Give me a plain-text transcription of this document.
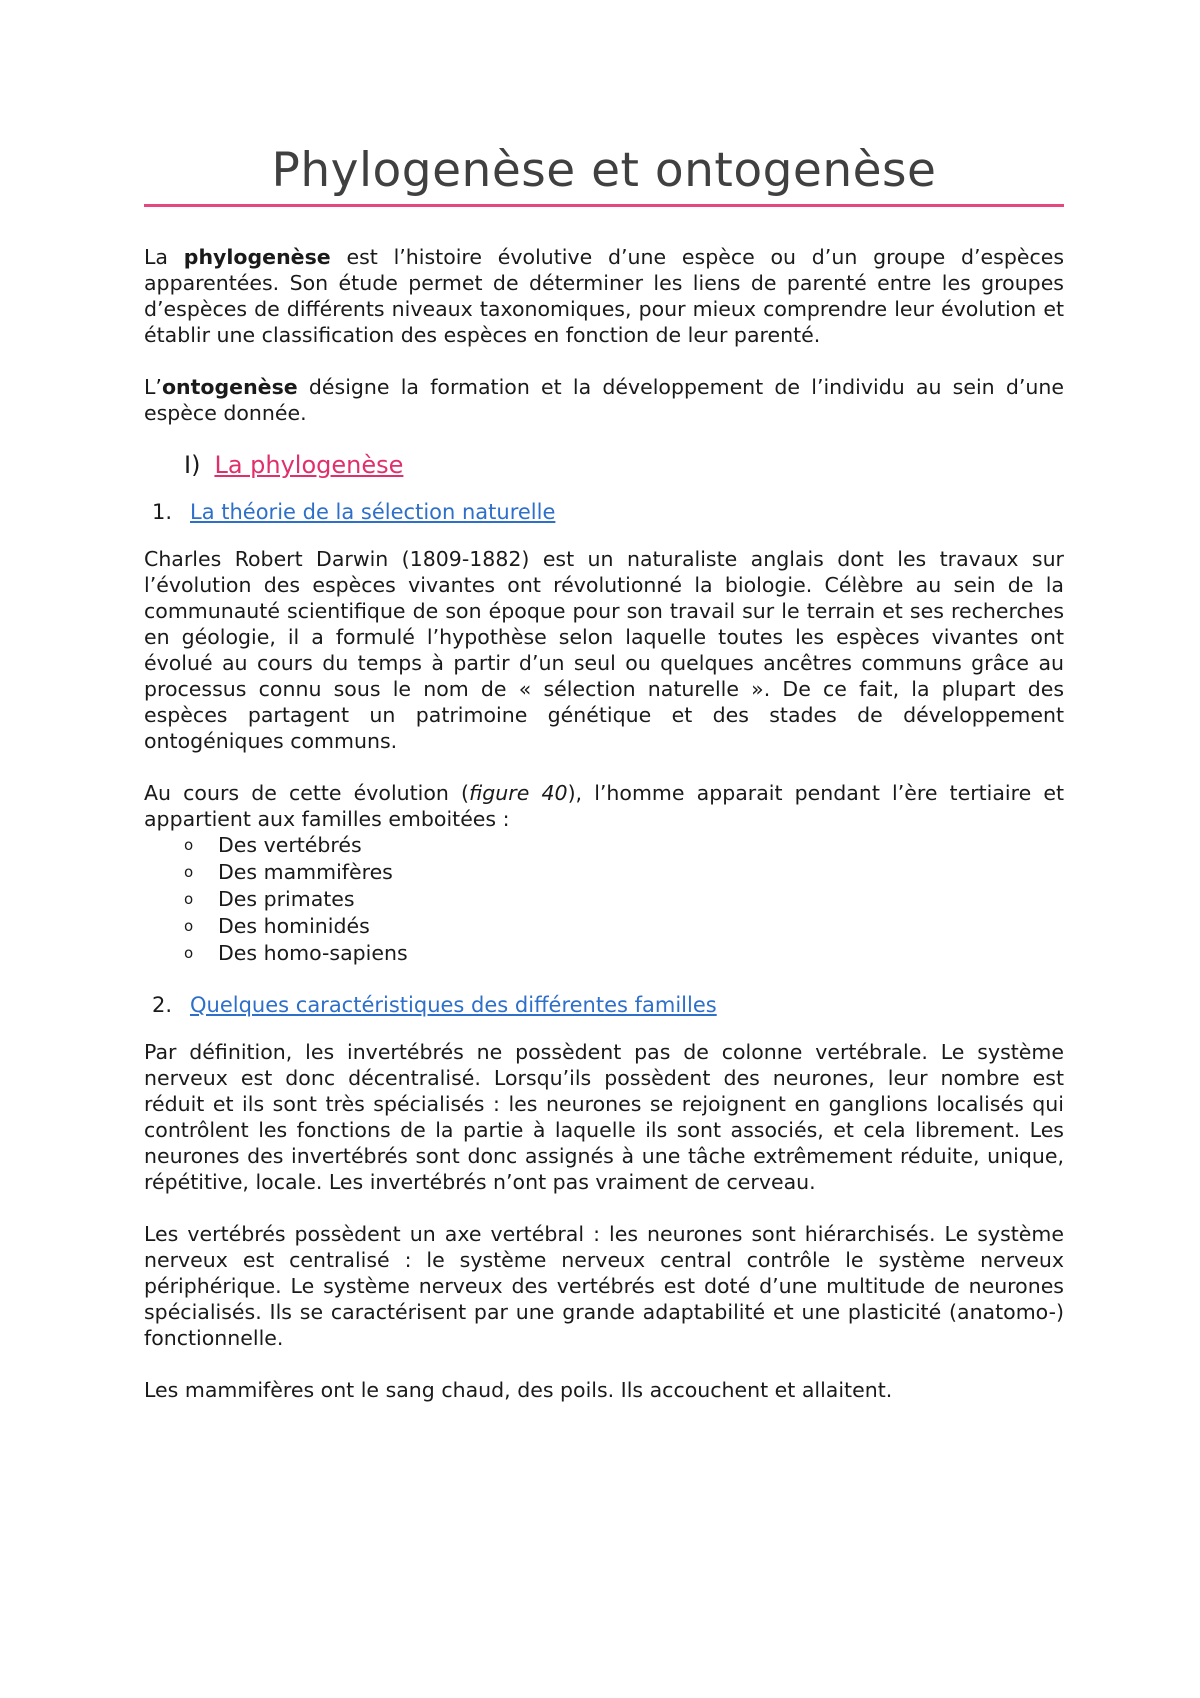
Phylogenèse et ontogenèse

La phylogenèse est l’histoire évolutive d’une espèce ou d’un groupe d’espèces apparentées. Son étude permet de déterminer les liens de parenté entre les groupes d’espèces de différents niveaux taxonomiques, pour mieux comprendre leur évolution et établir une classification des espèces en fonction de leur parenté.

L’ontogenèse désigne la formation et la développement de l’individu au sein d’une espèce donnée.

I) La phylogenèse
1. La théorie de la sélection naturelle

Charles Robert Darwin (1809-1882) est un naturaliste anglais dont les travaux sur l’évolution des espèces vivantes ont révolutionné la biologie. Célèbre au sein de la communauté scientifique de son époque pour son travail sur le terrain et ses recherches en géologie, il a formulé l’hypothèse selon laquelle toutes les espèces vivantes ont évolué au cours du temps à partir d’un seul ou quelques ancêtres communs grâce au processus connu sous le nom de « sélection naturelle ». De ce fait, la plupart des espèces partagent un patrimoine génétique et des stades de développement ontogéniques communs.

Au cours de cette évolution (figure 40), l’homme apparait pendant l’ère tertiaire et appartient aux familles emboitées :

o Des vertébrés
o Des mammifères
o Des primates
o Des hominidés
o Des homo-sapiens
2. Quelques caractéristiques des différentes familles

Par définition, les invertébrés ne possèdent pas de colonne vertébrale. Le système nerveux est donc décentralisé. Lorsqu’ils possèdent des neurones, leur nombre est réduit et ils sont très spécialisés : les neurones se rejoignent en ganglions localisés qui contrôlent les fonctions de la partie à laquelle ils sont associés, et cela librement. Les neurones des invertébrés sont donc assignés à une tâche extrêmement réduite, unique, répétitive, locale. Les invertébrés n’ont pas vraiment de cerveau.

Les vertébrés possèdent un axe vertébral : les neurones sont hiérarchisés. Le système nerveux est centralisé : le système nerveux central contrôle le système nerveux périphérique. Le système nerveux des vertébrés est doté d’une multitude de neurones spécialisés. Ils se caractérisent par une grande adaptabilité et une plasticité (anatomo-) fonctionnelle.

Les mammifères ont le sang chaud, des poils. Ils accouchent et allaitent.
